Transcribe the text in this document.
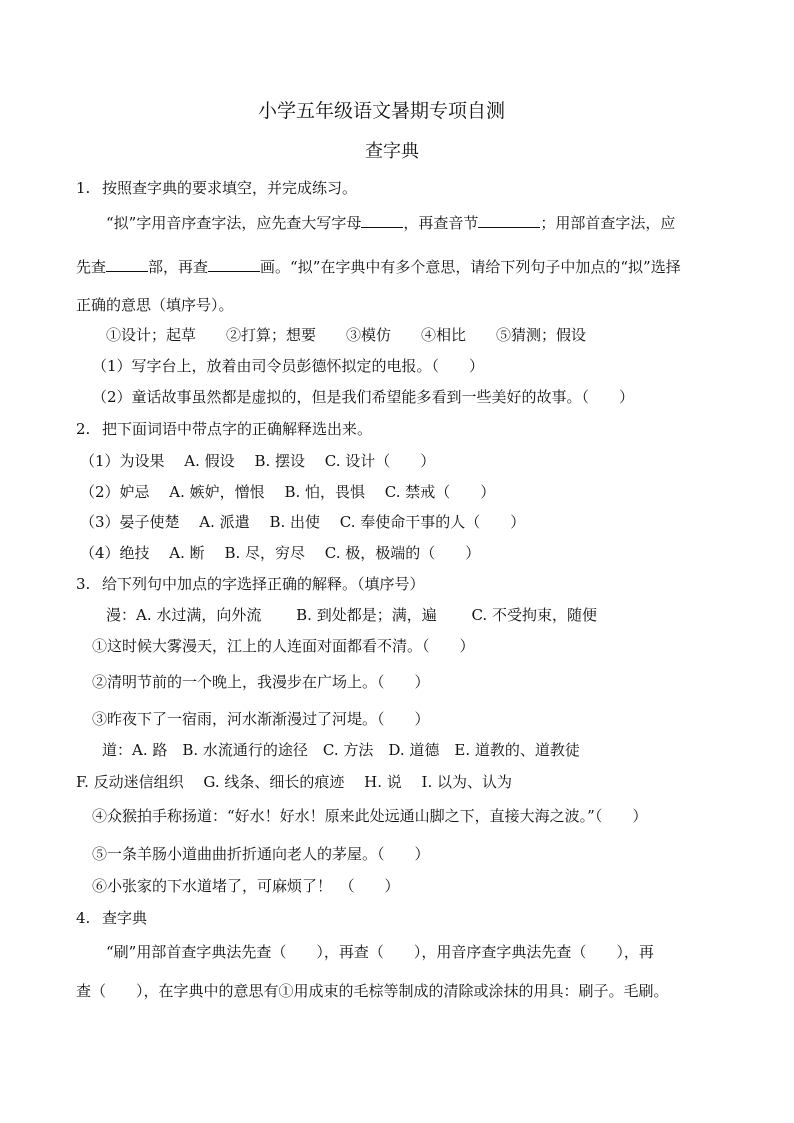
小学五年级语文暑期专项自测
查字典
1. 按照查字典的要求填空，并完成练习。
“拟”字用音序查字法，应先查大写字母	，再查音节	；用部首查字法，应
先查	部，再查	画。“拟”在字典中有多个意思，请给下列句子中加点的“拟”选择
正确的意思（填序号）。
①设计；起草　　②打算；想要　　③模仿　　④相比　　⑤猜测；假设
（1）写字台上，放着由司令员彭德怀拟定的电报。（　　）
（2）童话故事虽然都是虚拟的，但是我们希望能多看到一些美好的故事。（　　）
2. 把下面词语中带点字的正确解释选出来。
（1）为设果　 A. 假设　 B. 摆设　 C. 设计（　　）
（2）妒忌　 A. 嫉妒，憎恨　 B. 怕，畏惧　 C. 禁戒（　　）
（3）晏子使楚　 A. 派遣　 B. 出使　 C. 奉使命干事的人（　　）
（4）绝技　 A. 断　 B. 尽，穷尽　 C. 极，极端的（　　）
3. 给下列句中加点的字选择正确的解释。（填序号）
漫：A. 水过满，向外流　　 B. 到处都是；满，遍　　 C. 不受拘束，随便
①这时候大雾漫天，江上的人连面对面都看不清。（　　）
②清明节前的一个晚上，我漫步在广场上。（　　）
③昨夜下了一宿雨，河水渐渐漫过了河堤。（　　）
道：A. 路　B. 水流通行的途径　C. 方法　D. 道德　E. 道教的、道教徒
F. 反动迷信组织　 G. 线条、细长的痕迹　 H. 说　 I. 以为、认为
④众猴拍手称扬道：“好水！好水！原来此处远通山脚之下，直接大海之波。”（　　）
⑤一条羊肠小道曲曲折折通向老人的茅屋。（　　）
⑥小张家的下水道堵了，可麻烦了！　（　　）
4. 查字典
“刷”用部首查字典法先查（　　），再查（　　），用音序查字典法先查（　　），再
查（　　），在字典中的意思有①用成束的毛棕等制成的清除或涂抹的用具：刷子。毛刷。
